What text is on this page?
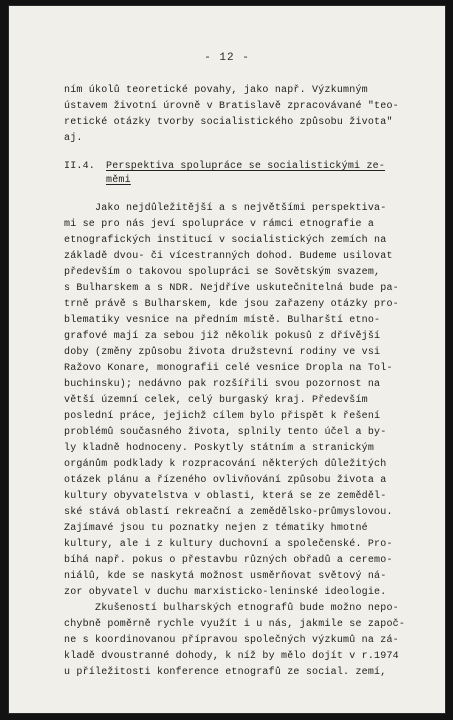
- 12 -
ním úkolů teoretické povahy, jako např. Výzkumným
ústavem životní úrovně v Bratislavě zpracovávané "teo-
retické otázky tvorby socialistického způsobu života"
aj.
II.4.	Perspektiva spolupráce se socialistickými ze-
měmi
Jako nejdůležitější a s největšími perspektiva-
mi se pro nás jeví spolupráce v rámci etnografie a
etnografických institucí v socialistických zemích na
základě dvou- či vícestranných dohod. Budeme usilovat
především o takovou spolupráci se Sovětským svazem,
s Bulharskem a s NDR. Nejdříve uskutečnitelná bude pa-
trně právě s Bulharskem, kde jsou zařazeny otázky pro-
blematiky vesnice na předním místě. Bulharští etno-
grafové mají za sebou již několik pokusů z dřívější
doby (změny způsobu života družstevní rodiny ve vsi
Ražovo Konare, monografii celé vesnice Dropla na Tol-
buchinsku); nedávno pak rozšířili svou pozornost na
větší územní celek, celý burgaský kraj. Především
poslední práce, jejichž cílem bylo přispět k řešení
problémů současného života, splnily tento účel a by-
ly kladně hodnoceny. Poskytly státním a stranickým
orgánům podklady k rozpracování některých důležitých
otázek plánu a řízeného ovlivňování způsobu života a
kultury obyvatelstva v oblasti, která se ze zeměděl-
ské stává oblastí rekreační a zemědělsko-průmyslovou.
Zajímavé jsou tu poznatky nejen z tématiky hmotné
kultury, ale i z kultury duchovní a společenské. Pro-
bíhá např. pokus o přestavbu různých obřadů a ceremo-
niálů, kde se naskytá možnost usměrňovat světový ná-
zor obyvatel v duchu marxisticko-leninské ideologie.
Zkušeností bulharských etnografů bude možno nepo-
chybně poměrně rychle využít i u nás, jakmile se započ-
ne s koordinovanou přípravou společných výzkumů na zá-
kladě dvoustranné dohody, k níž by mělo dojít v r.1974
u příležitosti konference etnografů ze social. zemí,
